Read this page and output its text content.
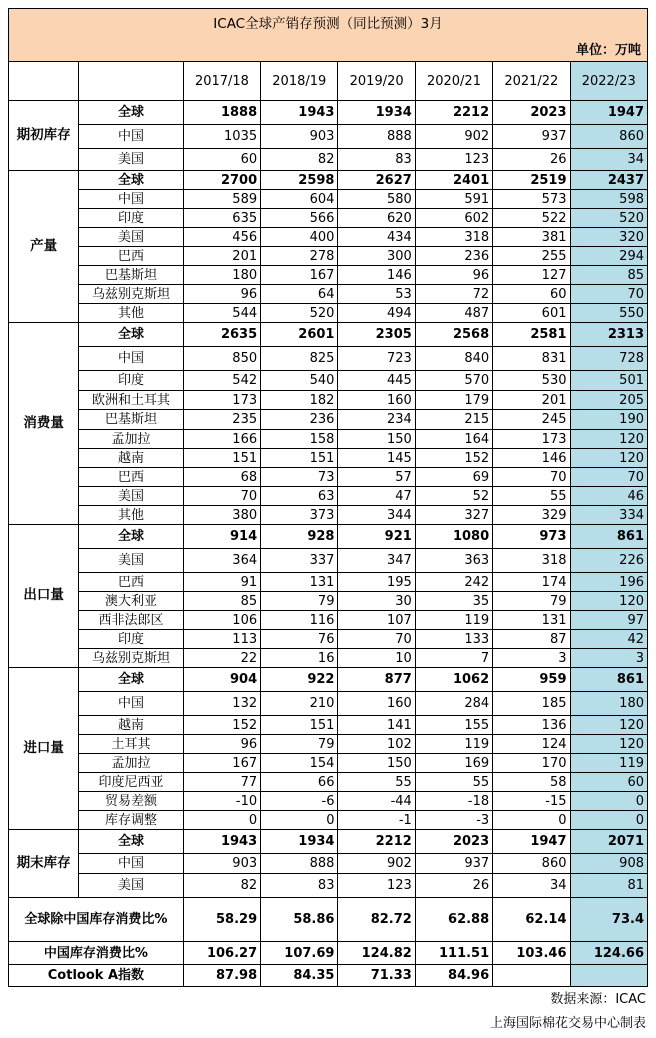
ICAC全球产销存预测（同比预测）3月							
单位：万吨							
		2017/18	2018/19	2019/20	2020/21	2021/22	2022/23
期初库存	全球	1888	1943	1934	2212	2023	1947
	中国	1035	903	888	902	937	860
	美国	60	82	83	123	26	34
产量	全球	2700	2598	2627	2401	2519	2437
	中国	589	604	580	591	573	598
	印度	635	566	620	602	522	520
	美国	456	400	434	318	381	320
	巴西	201	278	300	236	255	294
	巴基斯坦	180	167	146	96	127	85
	乌兹别克斯坦	96	64	53	72	60	70
	其他	544	520	494	487	601	550
消费量	全球	2635	2601	2305	2568	2581	2313
	中国	850	825	723	840	831	728
	印度	542	540	445	570	530	501
	欧洲和土耳其	173	182	160	179	201	205
	巴基斯坦	235	236	234	215	245	190
	孟加拉	166	158	150	164	173	120
	越南	151	151	145	152	146	120
	巴西	68	73	57	69	70	70
	美国	70	63	47	52	55	46
	其他	380	373	344	327	329	334
出口量	全球	914	928	921	1080	973	861
	美国	364	337	347	363	318	226
	巴西	91	131	195	242	174	196
	澳大利亚	85	79	30	35	79	120
	西非法郎区	106	116	107	119	131	97
	印度	113	76	70	133	87	42
	乌兹别克斯坦	22	16	10	7	3	3
进口量	全球	904	922	877	1062	959	861
	中国	132	210	160	284	185	180
	越南	152	151	141	155	136	120
	土耳其	96	79	102	119	124	120
	孟加拉	167	154	150	169	170	119
	印度尼西亚	77	66	55	55	58	60
	贸易差额	-10	-6	-44	-18	-15	0
	库存调整	0	0	-1	-3	0	0
期末库存	全球	1943	1934	2212	2023	1947	2071
	中国	903	888	902	937	860	908
	美国	82	83	123	26	34	81
全球除中国库存消费比%		58.29	58.86	82.72	62.88	62.14	73.4
中国库存消费比%		106.27	107.69	124.82	111.51	103.46	124.66
Cotlook A指数		87.98	84.35	71.33	84.96		
数据来源：ICAC
上海国际棉花交易中心制表
